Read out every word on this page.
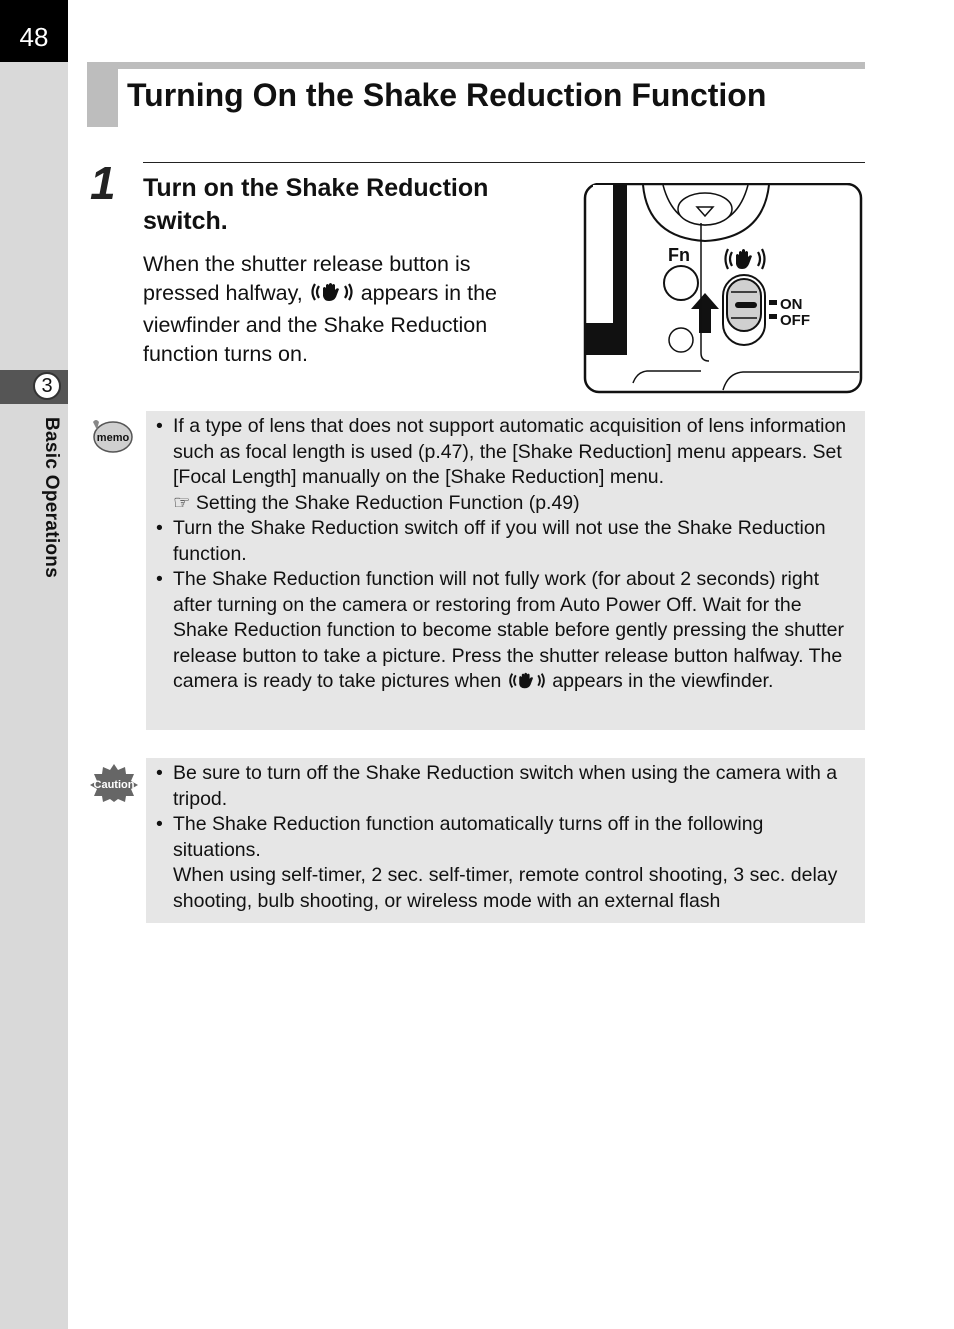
48
3
Basic Operations
Turning On the Shake Reduction Function
1 Turn on the Shake Reduction switch.
When the shutter release button is pressed halfway,	appears in the viewfinder and the Shake Reduction function turns on.
Fn
ON
OFF
memo
• If a type of lens that does not support automatic acquisition of lens information such as focal length is used (p.47), the [Shake Reduction] menu appears. Set [Focal Length] manually on the [Shake Reduction] menu.
☞ Setting the Shake Reduction Function (p.49)
• Turn the Shake Reduction switch off if you will not use the Shake Reduction function.
• The Shake Reduction function will not fully work (for about 2 seconds) right after turning on the camera or restoring from Auto Power Off. Wait for the Shake Reduction function to become stable before gently pressing the shutter release button to take a picture. Press the shutter release button halfway. The camera is ready to take pictures when	appears in the viewfinder.
Caution
• Be sure to turn off the Shake Reduction switch when using the camera with a tripod.
• The Shake Reduction function automatically turns off in the following situations.
When using self-timer, 2 sec. self-timer, remote control shooting, 3 sec. delay shooting, bulb shooting, or wireless mode with an external flash
